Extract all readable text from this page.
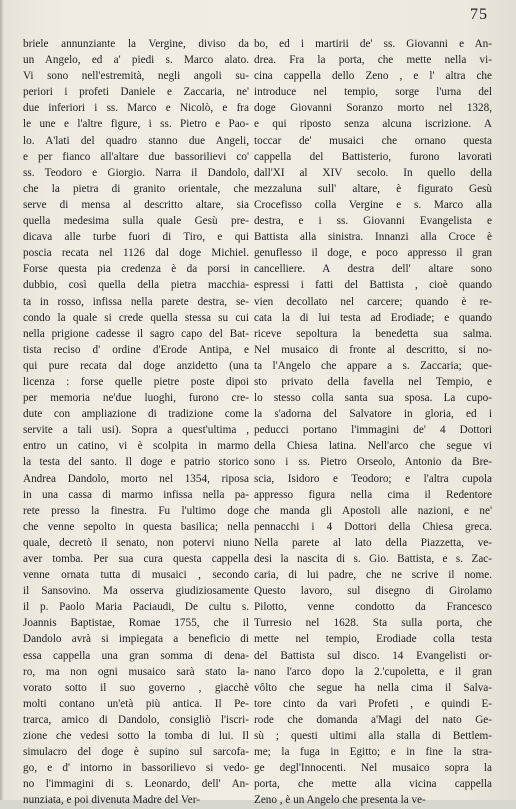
75
briele annunziante la Vergine, diviso da
un Angelo, ed a' piedi s. Marco alato.
Vi sono nell'estremità, negli angoli su-
periori i profeti Daniele e Zaccaria, ne'
due inferiori i ss. Marco e Nicolò, e fra
le une e l'altre figure, i ss. Pietro e Pao-
lo. A'lati del quadro stanno due Angeli,
e per fianco all'altare due bassorilievi co'
ss. Teodoro e Giorgio. Narra il Dandolo,
che la pietra di granito orientale, che
serve di mensa al descritto altare, sia
quella medesima sulla quale Gesù pre-
dicava alle turbe fuori di Tiro, e qui
poscia recata nel 1126 dal doge Michiel.
Forse questa pia credenza è da porsi in
dubbio, così quella della pietra macchia-
ta in rosso, infissa nella parete destra, se-
condo la quale si crede quella stessa su cui
nella prigione cadesse il sagro capo del Bat-
tista reciso d' ordine d'Erode Antipa, e
qui pure recata dal doge anzidetto (una
licenza : forse quelle pietre poste dipoi
per memoria ne'due luoghi, furono cre-
dute con ampliazione di tradizione come
servite a tali usi). Sopra a quest'ultima ,
entro un catino, vi è scolpita in marmo
la testa del santo. Il doge e patrio storico
Andrea Dandolo, morto nel 1354, riposa
in una cassa di marmo infissa nella pa-
rete presso la finestra. Fu l'ultimo doge
che venne sepolto in questa basilica; nella
quale, decretò il senato, non potervi niuno
aver tomba. Per sua cura questa cappella
venne ornata tutta di musaici , secondo
il Sansovino. Ma osserva giudiziosamente
il p. Paolo Maria Paciaudi, De cultu s.
Joannis Baptistae, Romae 1755, che il
Dandolo avrà si impiegata a beneficio di
essa cappella una gran somma di dena-
ro, ma non ogni musaico sarà stato la-
vorato sotto il suo governo , giacchè
molti contano un'età più antica. Il Pe-
trarca, amico di Dandolo, consigliò l'iscri-
zione che vedesi sotto la tomba di lui. Il
simulacro del doge è supino sul sarcofa-
go, e d' intorno in bassorilievo si vedo-
no l'immagini di s. Leonardo, dell' An-
nunziata, e poi divenuta Madre del Ver-
bo, ed i martirii de' ss. Giovanni e An-
drea. Fra la porta, che mette nella vi-
cina cappella dello Zeno , e l' altra che
introduce nel tempio, sorge l'urna del
doge Giovanni Soranzo morto nel 1328,
e qui riposto senza alcuna iscrizione. A
toccar de' musaici che ornano questa
cappella del Battisterio, furono lavorati
dall'XI al XIV secolo. In quello della
mezzaluna sull' altare, è figurato Gesù
Crocefisso colla Vergine e s. Marco alla
destra, e i ss. Giovanni Evangelista e
Battista alla sinistra. Innanzi alla Croce è
genuflesso il doge, e poco appresso il gran
cancelliere. A destra dell' altare sono
espressi i fatti del Battista , cioè quando
vien decollato nel carcere; quando è re-
cata la di lui testa ad Erodiade; e quando
riceve sepoltura la benedetta sua salma.
Nel musaico di fronte al descritto, si no-
ta l'Angelo che appare a s. Zaccaria; que-
sto privato della favella nel Tempio, e
lo stesso colla santa sua sposa. La cupo-
la s'adorna del Salvatore in gloria, ed i
peducci portano l'immagini de' 4 Dottori
della Chiesa latina. Nell'arco che segue vi
sono i ss. Pietro Orseolo, Antonio da Bre-
scia, Isidoro e Teodoro; e l'altra cupola
appresso figura nella cima il Redentore
che manda gli Apostoli alle nazioni, e ne'
pennacchi i 4 Dottori della Chiesa greca.
Nella parete al lato della Piazzetta, ve-
desi la nascita di s. Gio. Battista, e s. Zac-
caria, di lui padre, che ne scrive il nome.
Questo lavoro, sul disegno di Girolamo
Pilotto, venne condotto da Francesco
Turresio nel 1628. Sta sulla porta, che
mette nel tempio, Erodiade colla testa
del Battista sul disco. 14 Evangelisti or-
nano l'arco dopo la 2.'cupoletta, e il gran
vôlto che segue ha nella cima il Salva-
tore cinto da vari Profeti , e quindi E-
rode che domanda a'Magi del nato Ge-
sù ; questi ultimi alla stalla di Bettlem-
me; la fuga in Egitto; e in fine la stra-
ge degl'Innocenti. Nel musaico sopra la
porta, che mette alla vicina cappella
Zeno , è un Angelo che presenta la ve-
